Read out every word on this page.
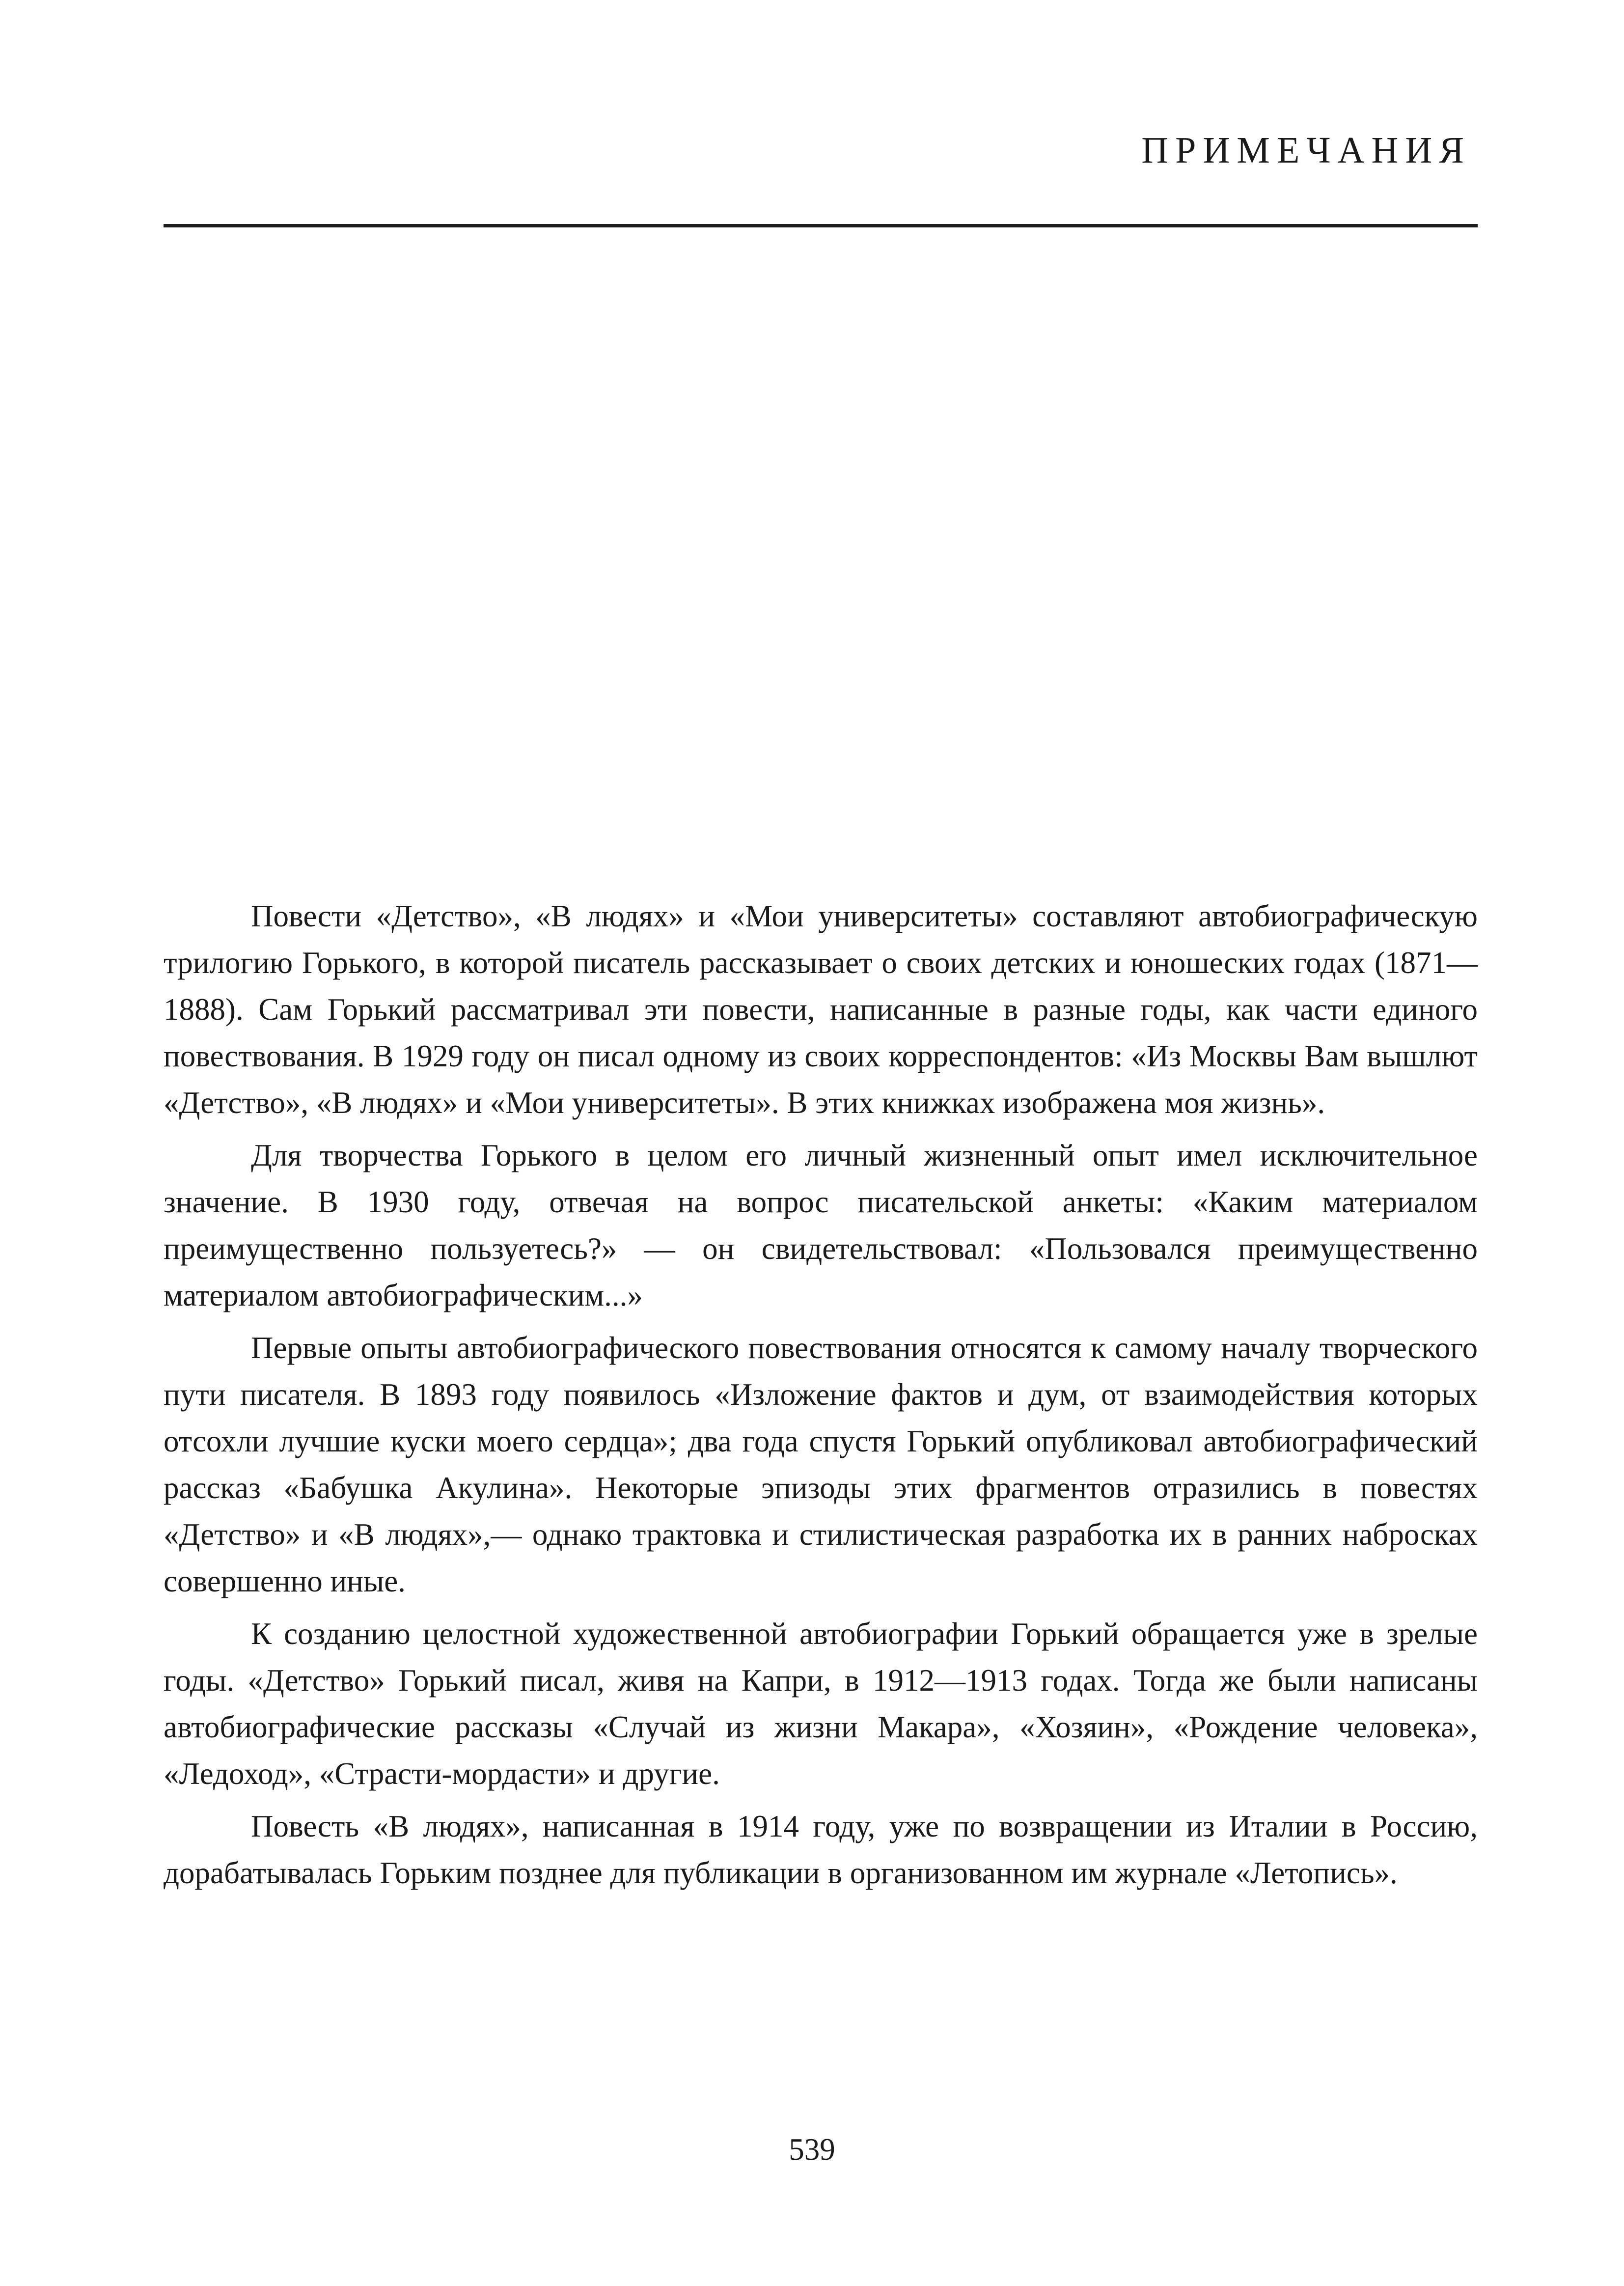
ПРИМЕЧАНИЯ

Повести «Детство», «В людях» и «Мои университеты» составляют автобиографическую трилогию Горького, в которой писатель рассказывает о своих детских и юношеских годах (1871—1888). Сам Горький рассматривал эти повести, написанные в разные годы, как части единого повествования. В 1929 году он писал одному из своих корреспондентов: «Из Москвы Вам вышлют «Детство», «В людях» и «Мои университеты». В этих книжках изображена моя жизнь».

Для творчества Горького в целом его личный жизненный опыт имел исключительное значение. В 1930 году, отвечая на вопрос писательской анкеты: «Каким материалом преимущественно пользуетесь?» — он свидетельствовал: «Пользовался преимущественно материалом автобиографическим...»

Первые опыты автобиографического повествования относятся к самому началу творческого пути писателя. В 1893 году появилось «Изложение фактов и дум, от взаимодействия которых отсохли лучшие куски моего сердца»; два года спустя Горький опубликовал автобиографический рассказ «Бабушка Акулина». Некоторые эпизоды этих фрагментов отразились в повестях «Детство» и «В людях»,— однако трактовка и стилистическая разработка их в ранних набросках совершенно иные.

К созданию целостной художественной автобиографии Горький обращается уже в зрелые годы. «Детство» Горький писал, живя на Капри, в 1912—1913 годах. Тогда же были написаны автобиографические рассказы «Случай из жизни Макара», «Хозяин», «Рождение человека», «Ледоход», «Страсти-мордасти» и другие.

Повесть «В людях», написанная в 1914 году, уже по возвращении из Италии в Россию, дорабатывалась Горьким позднее для публикации в организованном им журнале «Летопись».

539
